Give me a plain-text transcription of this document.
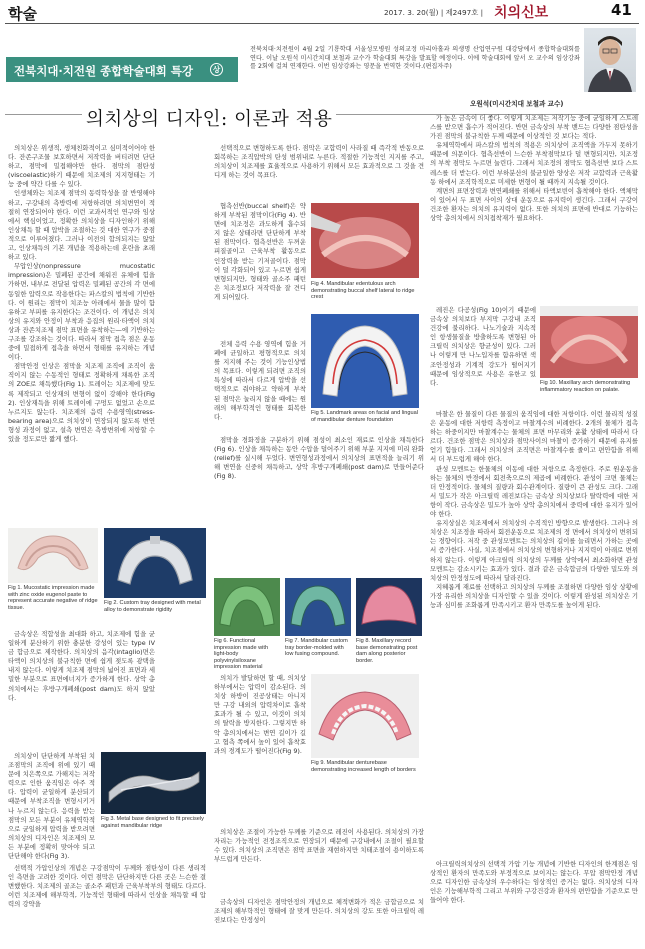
학술	2017. 3. 20(월) | 제2497호 | 치의신보	41
전북치대·치전원 종합학술대회 특강	상
전북치대·치전원이 4월 2일 기룡학대 서울성모병원 성의교정 마리아홀과 의생명 산업연구원 대강당에서 종합학술대회를 연다. 이날 오원석 미시간치대 보철과 교수가 학술대회 특강을 발표할 예정이다. 이에 학술대회에 앞서 오 교수의 임상강좌를 2회에 걸쳐 연재한다. 이번 임상강좌는 영문을 번역한 것이다.(편집자주)
오원석(미시간치대 보철과 교수)
의치상의 디자인: 이론과 적용

의치상은 위생적, 생체친화적이고 심미적이어야 한다. 잔존구조물 보호하면서 저작력을 버티려면 단단하고, 점막에 밀접해야만 한다. 점막의 점탄성(viscoelastic)하기 때문에 치조제의 지지형태는 기능 중에 약간 다를 수 있다.

인생체와는 치조제 점막의 동력학성을 잘 반영해야 하고, 구강내의 측방력에 저항하려면 의치변연이 적절히 연장되어야 한다. 이런 교과서적인 연구와 임상에서 핵심이었고, 정확한 의치상을 디자인하기 위해 인상채득 할 때 압박을 조절하는 것 대한 연구가 중점적으로 이루어졌다. 그러나 이전의 합의되지는 않았고, 인상채득의 기본 개념을 적용하는데 혼란을 초래하고 있다.

무압인상(nonpressure mucostatic impression)은 밀폐된 공간에 채워진 유체에 힘을 가하면, 내부로 전달된 압력은 밀폐된 공간의 각 면에 동일한 압력으로 작용한다는 파스칼의 법칙에 기반한다. 이 원리는 점막이 치조능 아래에서 물을 많이 함유하고 부피를 유지한다는 조건이다. 이 개념은 의치상의 유지와 안정이 부착과 응집의 원리·타액이 의치상과 잔존치조제 점막 표면을 유착하는—에 기반하는 구조를 강조하는 것이다. 따라서 점막 접촉 점은 운동 중에 밀접하게 접촉을 하면서 형태를 유지하는 개념이다.

점막안정 인상은 점막을 치조제 조직에 조직이 움직이지 않는 수동적인 형태로 정확하게 채록한 조직의 ZOE로 채득했다(Fig 1). 트레이는 치조제에 맞도록 제작되고 인상재의 변형이 없이 강해야 한다(Fig 2). 인상재득을 위해 트레이에 구멍도 없었고 손으로 누르지도 않는다. 치조제의 음력 수용영역(stress-bearing area)으로 의치상이 연장되지 않도록 변연형성 과정이 없고, 설측 변연은 측방변위에 저항할 수 있을 정도로만 짧게 했다.

Fig 1. Mucostatic impression made with zinc oxide eugenol paste to represent accurate negative of ridge tissue.
Fig 2. Custom tray designed with metal alloy to demonstrate rigidity

금속상은 적합성을 최대화 하고, 치조제에 힘을 균일하게 분산하기 위한 충분한 강성이 있는 type IV 금 합금으로 제작한다. 의치상의 음각(intaglio)면은 타액이 의치상의 불규칙한 면에 쉽게 젖도록 광택을 내지 않는다. 이렇게 치조제 점막의 넓어진 표면과 세밀한 부분으로 표면에너지가 증가하게 한다. 상악 총의치에서는 후방구개폐쇄(post dam)도 하지 않았다.

의치상이 단단하게 부착된 치조점막의 조직에 위에 있기 때문에 치은쪽으로 가해지는 저작력으로 인한 움직임은 아주 적다. 압력이 균일하게 분산되기 때문에 부착조직을 변형시키거나 누르지 않는다. 응력을 받는 점막의 모든 부분이 유체역학적으로 균일하게 압력을 받으려면 의치상의 디자인은 치조제의 모든 부분에 정확히 맞아야 되고 단단해야 한다(Fig 3).

Fig 3. Metal base designed to fit precisely against mandibular ridge

선택적 가압인상의 개념은 구강점막이 두께와 점탄성이 다른 생리적인 측면을 고려한 것이다. 이런 점막은 단단하지만 다른 곳은 느슨한 결 변했한다. 치조제의 골조는 골소주 패턴과 근육부착부의 형태도 다르다. 이런 치조제에 해부학적, 기능적인 형태에 따라서 인상을 채득할 때 압력의 강약을

선택적으로 변형하도록 한다. 점막은 교합력이 사라질 때 즉각적 반동으로 회복하는 조직압박의 탄성 범위내로 누른다. 적절한 기능적인 지지를 주고, 의치상이 치조제를 효율적으로 사용하기 위해서 모든 효과적으로 그 것을 견디게 하는 것이 목표다.

협측선반(buccal shelf)은 약하게 부착된 점막이다(Fig 4). 반면에 치조정은 과도하게 흡수되지 않은 상태라면 단단하게 부착된 점막이다. 협측선반은 두꺼운 피질골이고 근육부착 활동으로 인장력을 받는 기저골이다. 점막이 덜 각화되어 있고 누르면 쉽게 변형되지만, 형태와 골소주 패턴은 치조정보다 저작력을 잘 견디게 되어있다.

Fig 4. Mandibular edentulous arch demonstrating buccal shelf lateral to ridge crest

전체 응력 수용 영역에 힘을 거폐에 균일하고 평형적으로 의치를 지지해 주는 것이 기능인상법의 목표다. 이렇게 되려면 조직의 특성에 따라서 다르게 압박을 선택적으로 줘야하고 약하게 부착된 점막은 눌리지 않을 때에는 원래의 해부학적인 형태를 회복한다.	Fig 5. Landmark areas on facial and lingual of mandibular denture foundation

점막을 경화정을 구분하기 위해 점성이 최소인 재료로 인상을 채득한다(Fig 6). 인상을 채득하는 동안 수압을 덜어주기 위해 부분 지지에 미리 완화(relief)를 실시해 두었다. 변연형성과정에서 의치상의 표면적을 늘리기 위해 변연을 신중히 채득하고, 상악 후방구개폐쇄(post dam)로 만들어준다(Fig 8).

Fig 6. Functional impression made with light-body polyvinylsiloxane impression material
Fig 7. Mandibular custom tray border-molded with low fusing compound.
Fig 8. Maxillary record base demonstrating post dam along posterior border.

의치가 발달하면 할 때, 의치상 하부에서는 압력이 감소된다. 의치상 하방이 진공상태는 아니지만 구강 내외의 압력차이로 흡착효과가 될 수 있고, 이것이 의치의 탈락을 방지한다. 그렇지만 하악 총의치에서는 변연 길이가 길고 협측 쪽에서 높이 있어 흡착효과의 경계도가 떨어진다(Fig 9).

Fig 9. Mandibular denturebase demonstrating increased length of borders

의치상은 조절이 가능한 두께를 기준으로 레진이 사용된다. 의치상의 가장자리는 가능적인 전정조직으로 연장되기 때문에 구강내에서 조절이 필요할 수 있다. 의치상의 조직면은 점막 표면을 재현하지만 치태조절이 용이하도록 부드럽게 만든다.

금속상의 디자인은 점막안정의 개념으로 체적변화가 적은 금합금으로 치조제의 해부학적인 형태에 잘 맞게 만든다. 의치상의 강도 또한 아크릴릭 레진보다는 안정성이

가 높은 금속이 더 좋다. 이렇게 치조제는 저작기능 중에 균일하게 스트레스를 받으면 흡수가 적어진다. 반면 금속상의 부착 밴드는 다양한 점탄성을 가진 점막의 불규칙한 두께 때문에 이상적인 것 보다는 적다.

유체역학에서 파스칼의 법칙의 적용은 의치상이 조직액을 가두지 못하기 때문에 의문이다. 협측선반이 느슨한 부착점막보다 덜 변형되지만, 치조정의 부착 점막도 누르면 눌린다. 그래서 치조정의 점막도 협측선반 보다 스트레스를 더 받는다. 이런 부하분산의 불균일한 양상은 저작 교합력과 근육활동 하에서 조직학적으로 미세한 변형이 될 때까지 지속될 것이다.

계면의 표면장력과 변연폐쇄를 위해서 타액보빈이 흡착해야 한다. 액체막이 있어서 두 표면 사이의 상대 운동으로 유지력이 생긴다. 그래서 구강이 건조한 환자는 의치의 유지력이 없다. 또한 의치의 표면에 반대로 기능하는 상악 총의치에서 의치접착재가 필요하다.

레진은 다공성(Fig 10)이기 때문에 금속상 의치보다 부지막 구강내 조직 건강에 불리하다. 나노기술과 지속적인 항생물질을 방출하도록 변형된 아크릴릭 의치상은 향균성이 있다. 그러나 이렇게 만 나노입자를 함유하면 색조안정성과 기계적 강도가 떨어지기 때문에 임상적으로 사용은 유한고 있다.	Fig 10. Maxillary arch demonstrating inflammatory reaction on palate.

마찰은 한 물질이 다른 물질의 움직임에 대한 저항이다. 이런 물리적 성질은 운동에 대한 저항력 측정이고 마찰계수의 비례한다. 2개의 물체가 접촉하는 하중이지만 마찰계수는 물체의 표면 마무리와 윤활 상태에 따라서 다르다. 건조한 점막은 의치상과 점막사이의 마찰이 증가하기 때문에 유지를 얻기 힘들다. 그래서 의치상의 조직면은 마찰계수를 줄이고 편안함을 위해서 더 부드럽게 해야 한다.

관성 모멘트는 한물체의 이동에 대한 저항으로 측정한다. 주로 원운동을 하는 물체의 반경에서 회전축으로의 제곱에 비례한다. 관성이 크면 물체는 더 안정적이다. 물체의 질량과 회수관계이다. 질량이 큰 관성도 크다. 그래서 밀도가 작은 아크릴릭 레진보다는 금속상 의치상보다 탈락력에 대한 저항이 작다. 금속상은 밀도가 높아 상악 총의치에서 중력에 대한 유지가 있어야 한다.

유지상실은 치조제에서 의치상의 수직적인 방향으로 발생한다. 그러나 의치상은 치조정을 따라서 회전운동으로 치조제의 정 면에서 의치상이 변위되는 경향이다. 저작 중 관성모멘트는 의치상의 길이를 늘리면서 가하는 곳에서 증가한다. 사실, 치조점에서 의치상의 변형하거나 지지력이 아래로 변위하지 않는다. 이렇게 아크릴릭 의치상의 두께를 상악에서 최소화하면 관성모멘트는 감소시키는 효과가 있다. 결과 같은 금속합금의 다양한 밀도와 의치상의 안정성도에 따라서 달라진다.

지혜롭게 재료를 선택하고 의치상의 두께를 조절하면 다양한 임상 상황에 가장 유리한 의치상을 디자인할 수 있을 것이다. 이렇게 완성된 의치상은 기능과 심미를 조화롭게 만족시키고 환자 만족도를 높이게 된다.

아크릴릭의치상의 선택적 가압 기능 개념에 기반한 디자인의 한계점은 임상적인 환자의 만족도와 부정적으로 보이지는 않는다. 무압 점막안정 개념으로 디자인한 금속상의 우수하다는 임상적인 증거는 없다. 의치상의 디자인은 기능해부학적 그리고 부위와 구강건강과 환자의 편안함을 기준으로 만들어야 한다.
